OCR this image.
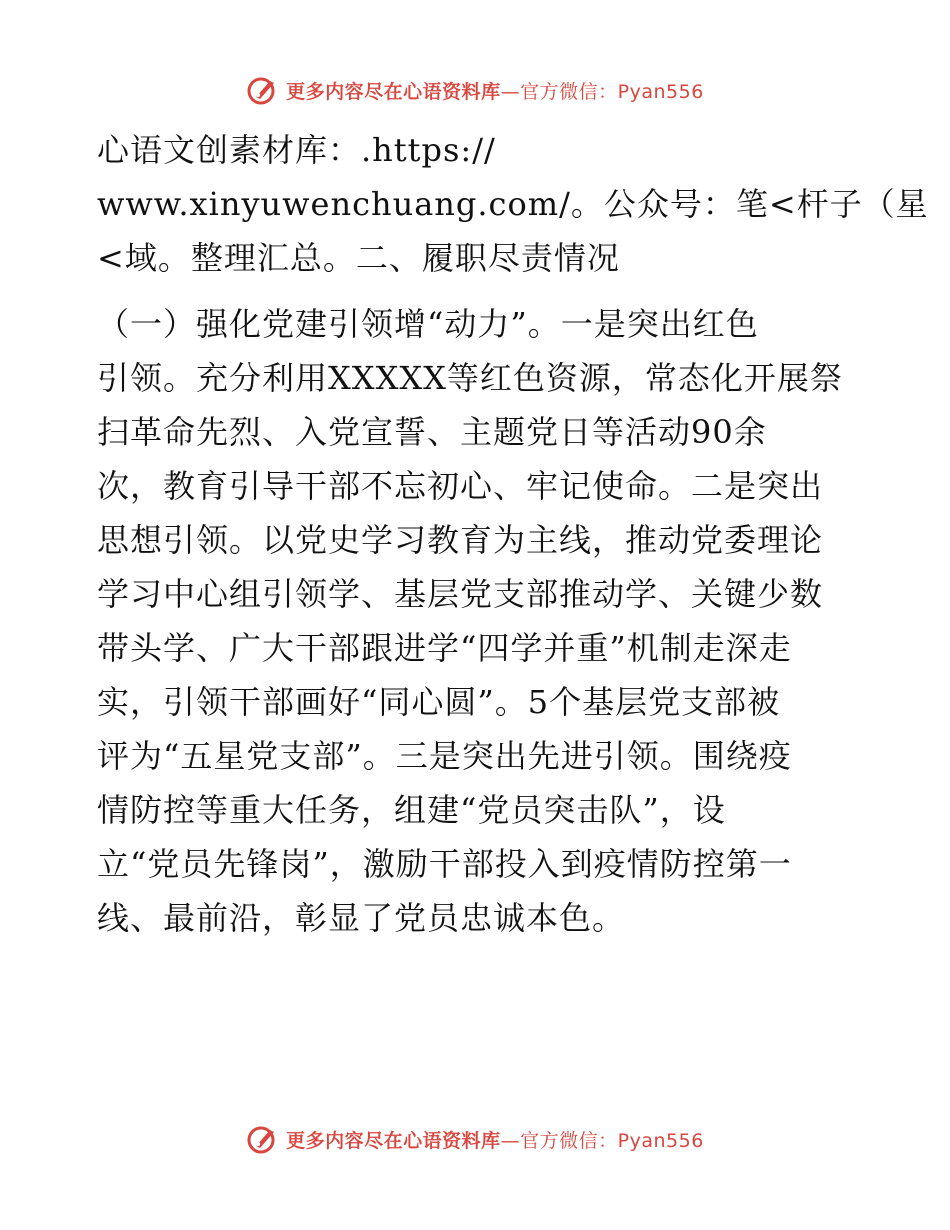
更多内容尽在心语资料库—官方微信：Pyan556
心语文创素材库：.https://
www.xinyuwenchuang.com/。公众号：笔<杆子（星
<域。整理汇总。二、履职尽责情况
（一）强化党建引领增“动力”。一是突出红色
引领。充分利用XXXXX等红色资源，常态化开展祭
扫革命先烈、入党宣誓、主题党日等活动90余
次，教育引导干部不忘初心、牢记使命。二是突出
思想引领。以党史学习教育为主线，推动党委理论
学习中心组引领学、基层党支部推动学、关键少数
带头学、广大干部跟进学“四学并重”机制走深走
实，引领干部画好“同心圆”。5个基层党支部被
评为“五星党支部”。三是突出先进引领。围绕疫
情防控等重大任务，组建“党员突击队”，设
立“党员先锋岗”，激励干部投入到疫情防控第一
线、最前沿，彰显了党员忠诚本色。
更多内容尽在心语资料库—官方微信：Pyan556
